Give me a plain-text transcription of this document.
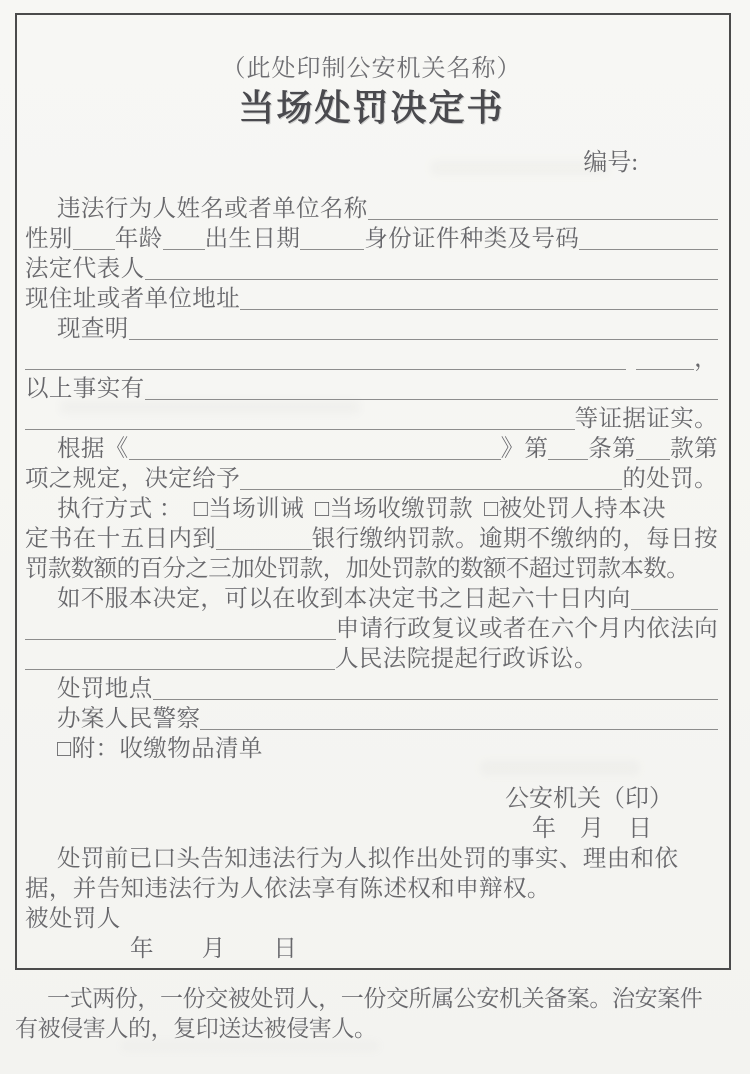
（此处印制公安机关名称）
当场处罚决定书
编号:
违法行为人姓名或者单位名称
性别 年龄 出生日期	身份证件种类及号码
法定代表人
现住址或者单位地址
现查明
，
以上事实有
等证据证实。
根据《	》第 条第 款第
项之规定，决定给予	的处罚。
执行方式 ： □当场训诫 □当场收缴罚款 □被处罚人持本决
定书在十五日内到	银行缴纳罚款。逾期不缴纳的，每日按
罚款数额的百分之三加处罚款，加处罚款的数额不超过罚款本数。
如不服本决定，可以在收到本决定书之日起六十日内向
申请行政复议或者在六个月内依法向
人民法院提起行政诉讼。
处罚地点
办案人民警察
□附：收缴物品清单
公安机关（印）
年　月　日
处罚前已口头告知违法行为人拟作出处罚的事实、理由和依
据，并告知违法行为人依法享有陈述权和申辩权。
被处罚人
年　　月　　日
一式两份，一份交被处罚人，一份交所属公安机关备案。治安案件
有被侵害人的，复印送达被侵害人。
